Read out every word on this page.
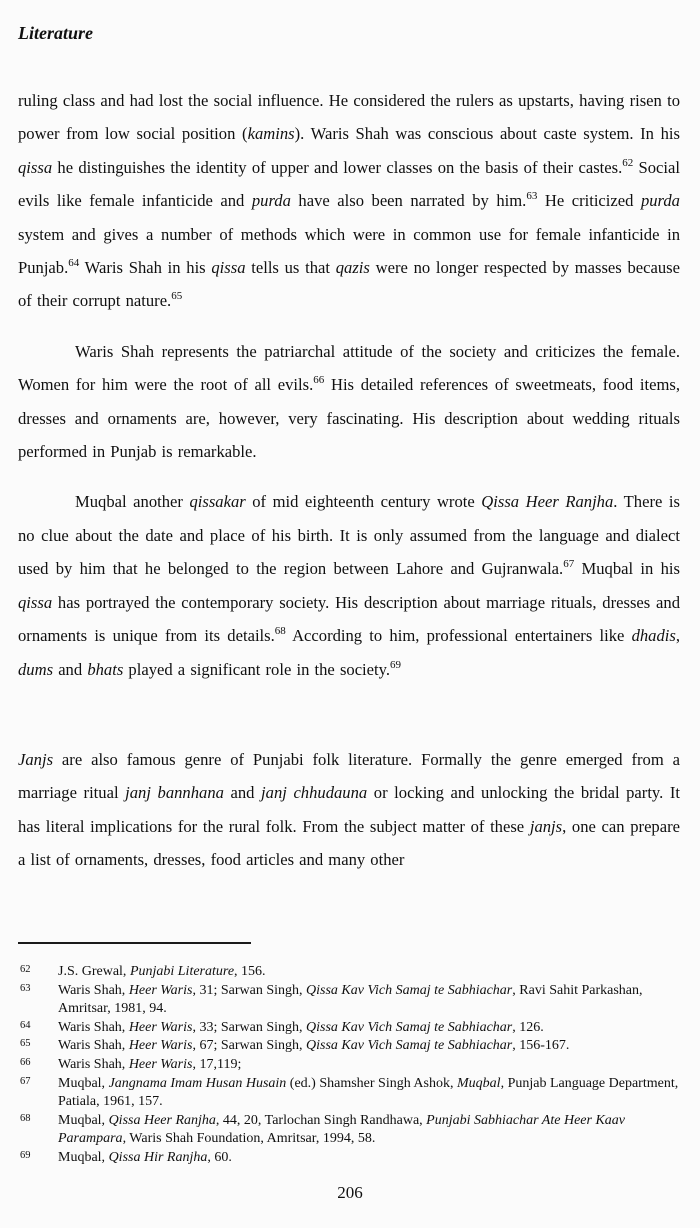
Literature

ruling class and had lost the social influence. He considered the rulers as upstarts, having risen to power from low social position (kamins). Waris Shah was conscious about caste system. In his qissa he distinguishes the identity of upper and lower classes on the basis of their castes.$^{62}$ Social evils like female infanticide and purda have also been narrated by him.$^{63}$ He criticized purda system and gives a number of methods which were in common use for female infanticide in Punjab.$^{64}$ Waris Shah in his qissa tells us that qazis were no longer respected by masses because of their corrupt nature.$^{65}$

Waris Shah represents the patriarchal attitude of the society and criticizes the female. Women for him were the root of all evils.$^{66}$ His detailed references of sweetmeats, food items, dresses and ornaments are, however, very fascinating. His description about wedding rituals performed in Punjab is remarkable.

Muqbal another qissakar of mid eighteenth century wrote Qissa Heer Ranjha. There is no clue about the date and place of his birth. It is only assumed from the language and dialect used by him that he belonged to the region between Lahore and Gujranwala.$^{67}$ Muqbal in his qissa has portrayed the contemporary society. His description about marriage rituals, dresses and ornaments is unique from its details.$^{68}$ According to him, professional entertainers like dhadis, dums and bhats played a significant role in the society.$^{69}$

Janjs are also famous genre of Punjabi folk literature. Formally the genre emerged from a marriage ritual janj bannhana and janj chhudauna or locking and unlocking the bridal party. It has literal implications for the rural folk. From the subject matter of these janjs, one can prepare a list of ornaments, dresses, food articles and many other

62 J.S. Grewal, Punjabi Literature, 156.
63 Waris Shah, Heer Waris, 31; Sarwan Singh, Qissa Kav Vich Samaj te Sabhiachar, Ravi Sahit Parkashan, Amritsar, 1981, 94.
64 Waris Shah, Heer Waris, 33; Sarwan Singh, Qissa Kav Vich Samaj te Sabhiachar, 126.
65 Waris Shah, Heer Waris, 67; Sarwan Singh, Qissa Kav Vich Samaj te Sabhiachar, 156-167.
66 Waris Shah, Heer Waris, 17,119;
67 Muqbal, Jangnama Imam Husan Husain (ed.) Shamsher Singh Ashok, Muqbal, Punjab Language Department, Patiala, 1961, 157.
68 Muqbal, Qissa Heer Ranjha, 44, 20, Tarlochan Singh Randhawa, Punjabi Sabhiachar Ate Heer Kaav Parampara, Waris Shah Foundation, Amritsar, 1994, 58.
69 Muqbal, Qissa Hir Ranjha, 60.
206
